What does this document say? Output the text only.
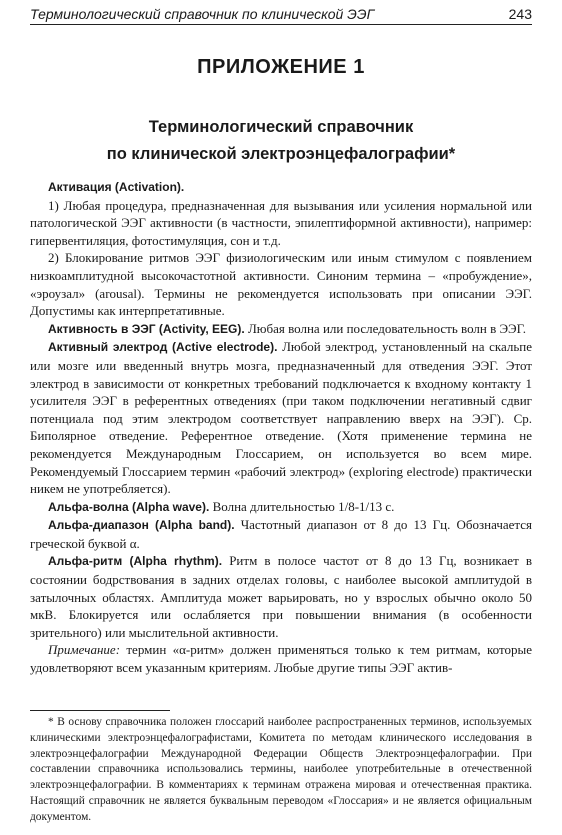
Терминологический справочник по клинической ЭЭГ	243
ПРИЛОЖЕНИЕ 1
Терминологический справочник
по клинической электроэнцефалографии*

Активация (Activation).

1) Любая процедура, предназначенная для вызывания или усиления нормальной или патологической ЭЭГ активности (в частности, эпилептиформной активности), например: гипервентиляция, фотостимуляция, сон и т.д.

2) Блокирование ритмов ЭЭГ физиологическим или иным стимулом с появлением низкоамплитудной высокочастотной активности. Синоним термина – «пробуждение», «эроузал» (arousal). Термины не рекомендуется использовать при описании ЭЭГ. Допустимы как интерпретативные.

Активность в ЭЭГ (Activity, EEG). Любая волна или последовательность волн в ЭЭГ.

Активный электрод (Active electrode). Любой электрод, установленный на скальпе или мозге или введенный внутрь мозга, предназначенный для отведения ЭЭГ. Этот электрод в зависимости от конкретных требований подключается к входному контакту 1 усилителя ЭЭГ в референтных отведениях (при таком подключении негативный сдвиг потенциала под этим электродом соответствует направлению вверх на ЭЭГ). Ср. Биполярное отведение. Референтное отведение. (Хотя применение термина не рекомендуется Международным Глоссарием, он используется во всем мире. Рекомендуемый Глоссарием термин «рабочий электрод» (exploring electrode) практически никем не употребляется).

Альфа-волна (Alpha wave). Волна длительностью 1/8-1/13 с.

Альфа-диапазон (Alpha band). Частотный диапазон от 8 до 13 Гц. Обозначается греческой буквой α.

Альфа-ритм (Alpha rhythm). Ритм в полосе частот от 8 до 13 Гц, возникает в состоянии бодрствования в задних отделах головы, с наиболее высокой амплитудой в затылочных областях. Амплитуда может варьировать, но у взрослых обычно около 50 мкВ. Блокируется или ослабляется при повышении внимания (в особенности зрительного) или мыслительной активности.

Примечание: термин «α-ритм» должен применяться только к тем ритмам, которые удовлетворяют всем указанным критериям. Любые другие типы ЭЭГ актив-

* В основу справочника положен глоссарий наиболее распространенных терминов, используемых клиническими электроэнцефалографистами, Комитета по методам клинического исследования в электроэнцефалографии Международной Федерации Обществ Электроэнцефалографии. При составлении справочника использовались термины, наиболее употребительные в отечественной электроэнцефалографии. В комментариях к терминам отражена мировая и отечественная практика. Настоящий справочник не является буквальным переводом «Глоссария» и не является официальным документом.
